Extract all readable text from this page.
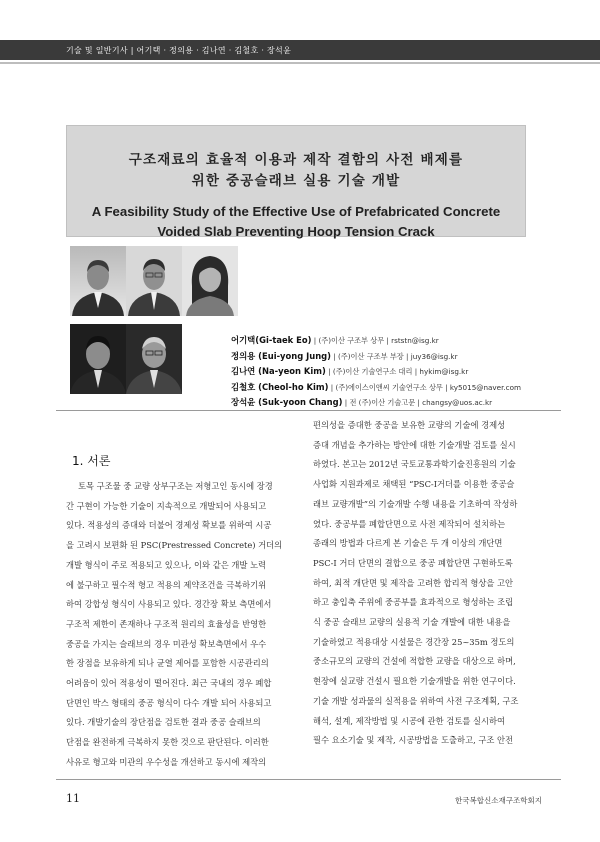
기술 및 일반기사 | 어기택 · 정의용 · 김나연 · 김철호 · 장석윤
구조재료의 효율적 이용과 제작 결함의 사전 배제를
위한 중공슬래브 실용 기술 개발
A Feasibility Study of the Effective Use of Prefabricated Concrete
Voided Slab Preventing Hoop Tension Crack
어기택(Gi-taek Eo) | (주)이산 구조부 상무 | rststn@isg.kr
정의용 (Eui-yong Jung) | (주)이산 구조부 부장 | juy36@isg.kr
김나연 (Na-yeon Kim) | (주)이산 기술연구소 대리 | hykim@isg.kr
김철호 (Cheol-ho Kim) | (주)에이스이앤씨 기술연구소 상무 | ky5015@naver.com
장석윤 (Suk-yoon Chang) | 전 (주)이산 기술고문 | changsy@uos.ac.kr
1. 서론
토목 구조물 중 교량 상부구조는 저형고인 동시에 장경
간 구현이 가능한 기술이 지속적으로 개발되어 사용되고
있다. 적용성의 증대와 더불어 경제성 확보를 위하여 시공
을 고려시 보편화 된 PSC(Prestressed Concrete) 거더의
개발 형식이 주로 적용되고 있으나, 이와 같은 개발 노력
에 불구하고 필수적 형고 적용의 제약조건을 극복하기위
하여 강합성 형식이 사용되고 있다. 경간장 확보 측면에서
구조적 제한이 존재하나 구조적 원리의 효율성을 반영한
중공을 가지는 슬래브의 경우 미관성 확보측면에서 우수
한 장점을 보유하게 되나 균열 제어를 포함한 시공관리의
어려움이 있어 적용성이 떨어진다. 최근 국내의 경우 폐합
단면인 박스 형태의 중공 형식이 다수 개발 되어 사용되고
있다. 개발기술의 장단점을 검토한 결과 중공 슬래브의
단점을 완전하게 극복하지 못한 것으로 판단된다. 이러한
사유로 형고와 미관의 우수성을 개선하고 동시에 제작의
편의성을 증대한 중공을 보유한 교량의 기술에 경제성
증대 개념을 추가하는 방안에 대한 기술개발 검토를 실시
하였다. 본고는 2012년 국토교통과학기술진흥원의 기술
사업화 지원과제로 채택된 “PSC-I거더를 이용한 중공슬
래브 교량개발”의 기술개발 수행 내용을 기초하여 작성하
였다. 중공부를 폐합단면으로 사전 제작되어 설치하는
종래의 방법과 다르게 본 기술은 두 개 이상의 개단면
PSC-I 거더 단면의 결합으로 중공 폐합단면 구현하도록
하여, 최적 개단면 및 제작을 고려한 합리적 형상을 고안
하고 충입축 주위에 중공부를 효과적으로 형성하는 조립
식 중공 슬래브 교량의 실용적 기술 개발에 대한 내용을
기술하였고 적용대상 시설물은 경간장 25~35m 정도의
중소규모의 교량의 건설에 적합한 교량을 대상으로 하며,
현장에 실교량 건설시 필요한 기술개발을 위한 연구이다.
기술 개발 성과물의 실적용을 위하여 사전 구조계획, 구조
해석, 설계, 제작방법 및 시공에 관한 검토를 실시하여
필수 요소기술 및 제작, 시공방법을 도출하고, 구조 안전
11	한국복합신소재구조학회지
